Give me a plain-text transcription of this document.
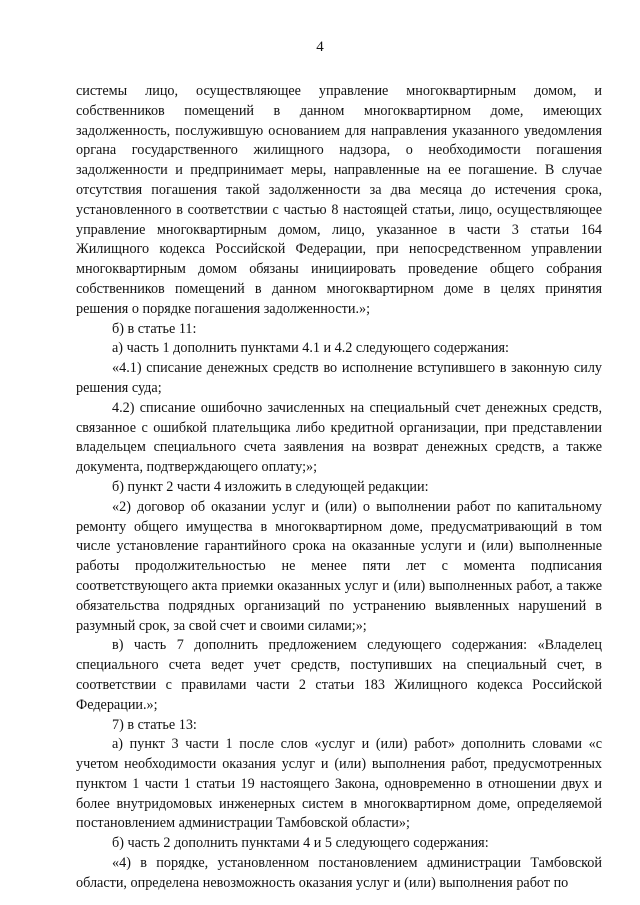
4

системы лицо, осуществляющее управление многоквартирным домом, и собственников помещений в данном многоквартирном доме, имеющих задолженность, послужившую основанием для направления указанного уведомления органа государственного жилищного надзора, о необходимости погашения задолженности и предпринимает меры, направленные на ее погашение. В случае отсутствия погашения такой задолженности за два месяца до истечения срока, установленного в соответствии с частью 8 настоящей статьи, лицо, осуществляющее управление многоквартирным домом, лицо, указанное в части 3 статьи 164 Жилищного кодекса Российской Федерации, при непосредственном управлении многоквартирным домом обязаны инициировать проведение общего собрания собственников помещений в данном многоквартирном доме в целях принятия решения о порядке погашения задолженности.»;

б) в статье 11:

а) часть 1 дополнить пунктами 4.1 и 4.2 следующего содержания:

«4.1) списание денежных средств во исполнение вступившего в законную силу решения суда;

4.2) списание ошибочно зачисленных на специальный счет денежных средств, связанное с ошибкой плательщика либо кредитной организации, при представлении владельцем специального счета заявления на возврат денежных средств, а также документа, подтверждающего оплату;»;

б) пункт 2 части 4 изложить в следующей редакции:

«2) договор об оказании услуг и (или) о выполнении работ по капитальному ремонту общего имущества в многоквартирном доме, предусматривающий в том числе установление гарантийного срока на оказанные услуги и (или) выполненные работы продолжительностью не менее пяти лет с момента подписания соответствующего акта приемки оказанных услуг и (или) выполненных работ, а также обязательства подрядных организаций по устранению выявленных нарушений в разумный срок, за свой счет и своими силами;»;

в) часть 7 дополнить предложением следующего содержания: «Владелец специального счета ведет учет средств, поступивших на специальный счет, в соответствии с правилами части 2 статьи 183 Жилищного кодекса Российской Федерации.»;

7) в статье 13:

а) пункт 3 части 1 после слов «услуг и (или) работ» дополнить словами «с учетом необходимости оказания услуг и (или) выполнения работ, предусмотренных пунктом 1 части 1 статьи 19 настоящего Закона, одновременно в отношении двух и более внутридомовых инженерных систем в многоквартирном доме, определяемой постановлением администрации Тамбовской области»;

б) часть 2 дополнить пунктами 4 и 5 следующего содержания:

«4) в порядке, установленном постановлением администрации Тамбовской области, определена невозможность оказания услуг и (или) выполнения работ по
